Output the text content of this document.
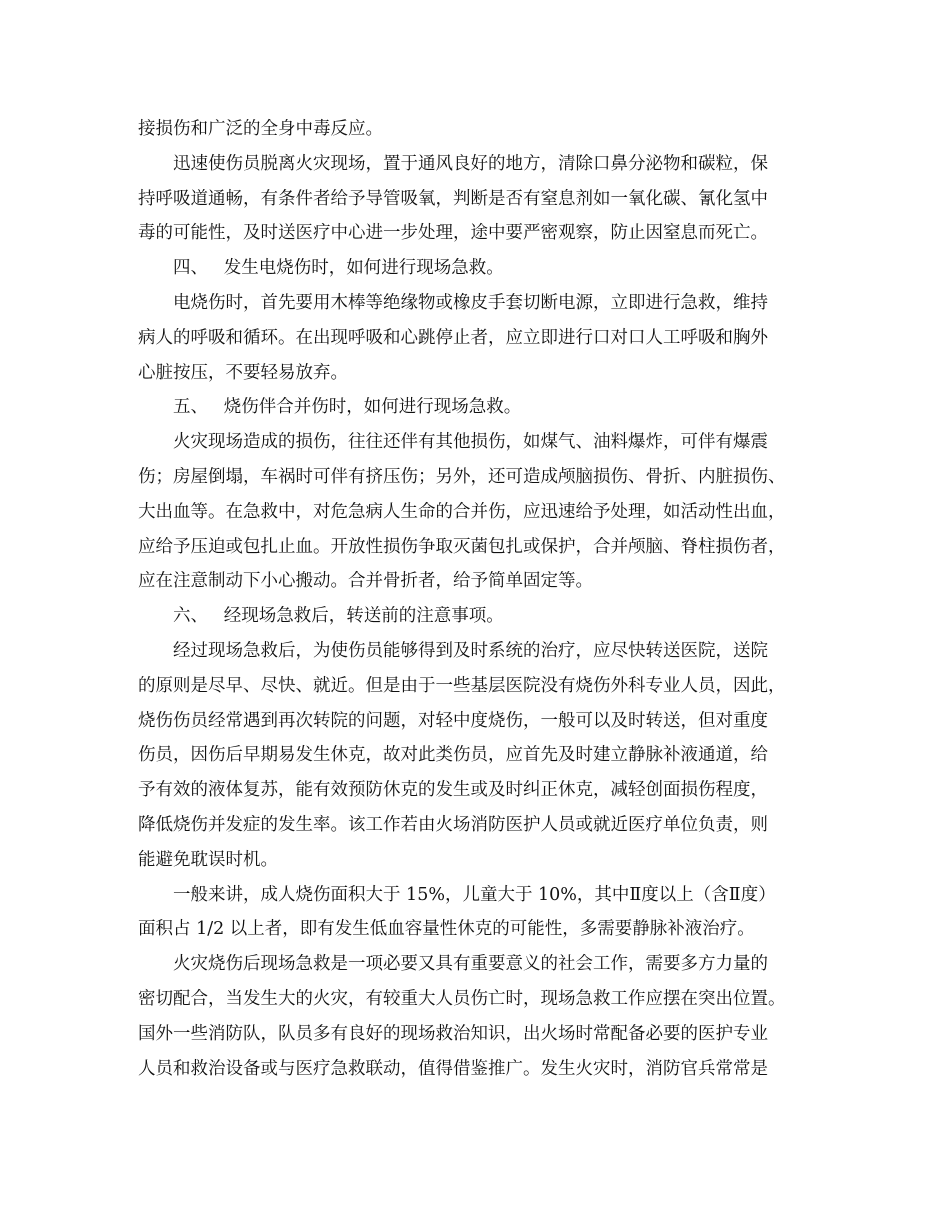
接损伤和广泛的全身中毒反应。

迅速使伤员脱离火灾现场，置于通风良好的地方，清除口鼻分泌物和碳粒，保
持呼吸道通畅，有条件者给予导管吸氧，判断是否有窒息剂如一氧化碳、氰化氢中
毒的可能性，及时送医疗中心进一步处理，途中要严密观察，防止因窒息而死亡。

四、 发生电烧伤时，如何进行现场急救。

电烧伤时，首先要用木棒等绝缘物或橡皮手套切断电源，立即进行急救，维持
病人的呼吸和循环。在出现呼吸和心跳停止者，应立即进行口对口人工呼吸和胸外
心脏按压，不要轻易放弃。

五、 烧伤伴合并伤时，如何进行现场急救。

火灾现场造成的损伤，往往还伴有其他损伤，如煤气、油料爆炸，可伴有爆震
伤；房屋倒塌，车祸时可伴有挤压伤；另外，还可造成颅脑损伤、骨折、内脏损伤、
大出血等。在急救中，对危急病人生命的合并伤，应迅速给予处理，如活动性出血，
应给予压迫或包扎止血。开放性损伤争取灭菌包扎或保护，合并颅脑、脊柱损伤者，
应在注意制动下小心搬动。合并骨折者，给予简单固定等。

六、 经现场急救后，转送前的注意事项。

经过现场急救后，为使伤员能够得到及时系统的治疗，应尽快转送医院，送院
的原则是尽早、尽快、就近。但是由于一些基层医院没有烧伤外科专业人员，因此，
烧伤伤员经常遇到再次转院的问题，对轻中度烧伤，一般可以及时转送，但对重度
伤员，因伤后早期易发生休克，故对此类伤员，应首先及时建立静脉补液通道，给
予有效的液体复苏，能有效预防休克的发生或及时纠正休克，减轻创面损伤程度，
降低烧伤并发症的发生率。该工作若由火场消防医护人员或就近医疗单位负责，则
能避免耽误时机。

一般来讲，成人烧伤面积大于 15%，儿童大于 10%，其中Ⅱ度以上（含Ⅱ度）
面积占 1/2 以上者，即有发生低血容量性休克的可能性，多需要静脉补液治疗。

火灾烧伤后现场急救是一项必要又具有重要意义的社会工作，需要多方力量的
密切配合，当发生大的火灾，有较重大人员伤亡时，现场急救工作应摆在突出位置。
国外一些消防队，队员多有良好的现场救治知识，出火场时常配备必要的医护专业
人员和救治设备或与医疗急救联动，值得借鉴推广。发生火灾时，消防官兵常常是
